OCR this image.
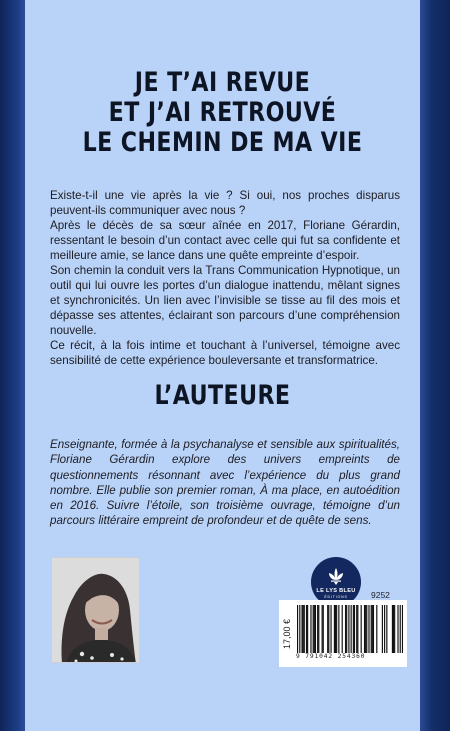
JE T’AI REVUE
ET J’AI RETROUVÉ
LE CHEMIN DE MA VIE

Existe-t-il une vie après la vie ? Si oui, nos proches disparus peuvent-ils communiquer avec nous ?

Après le décès de sa sœur aînée en 2017, Floriane Gérardin, ressentant le besoin d’un contact avec celle qui fut sa confidente et meilleure amie, se lance dans une quête empreinte d’espoir.

Son chemin la conduit vers la Trans Communication Hypnotique, un outil qui lui ouvre les portes d’un dialogue inattendu, mêlant signes et synchronicités. Un lien avec l’invisible se tisse au fil des mois et dépasse ses attentes, éclairant son parcours d’une compréhension nouvelle.

Ce récit, à la fois intime et touchant à l’universel, témoigne avec sensibilité de cette expérience bouleversante et transformatrice.

L’AUTEURE
Enseignante, formée à la psychanalyse et sensible aux spiritualités, Floriane Gérardin explore des univers empreints de questionnements résonnant avec l’expérience du plus grand nombre. Elle publie son premier roman, À ma place, en autoédition en 2016. Suivre l’étoile, son troisième ouvrage, témoigne d’un parcours littéraire empreint de profondeur et de quête de sens.
LE LYS BLEU
ÉDITIONS	9252
17,00 €
9 791042 254360
